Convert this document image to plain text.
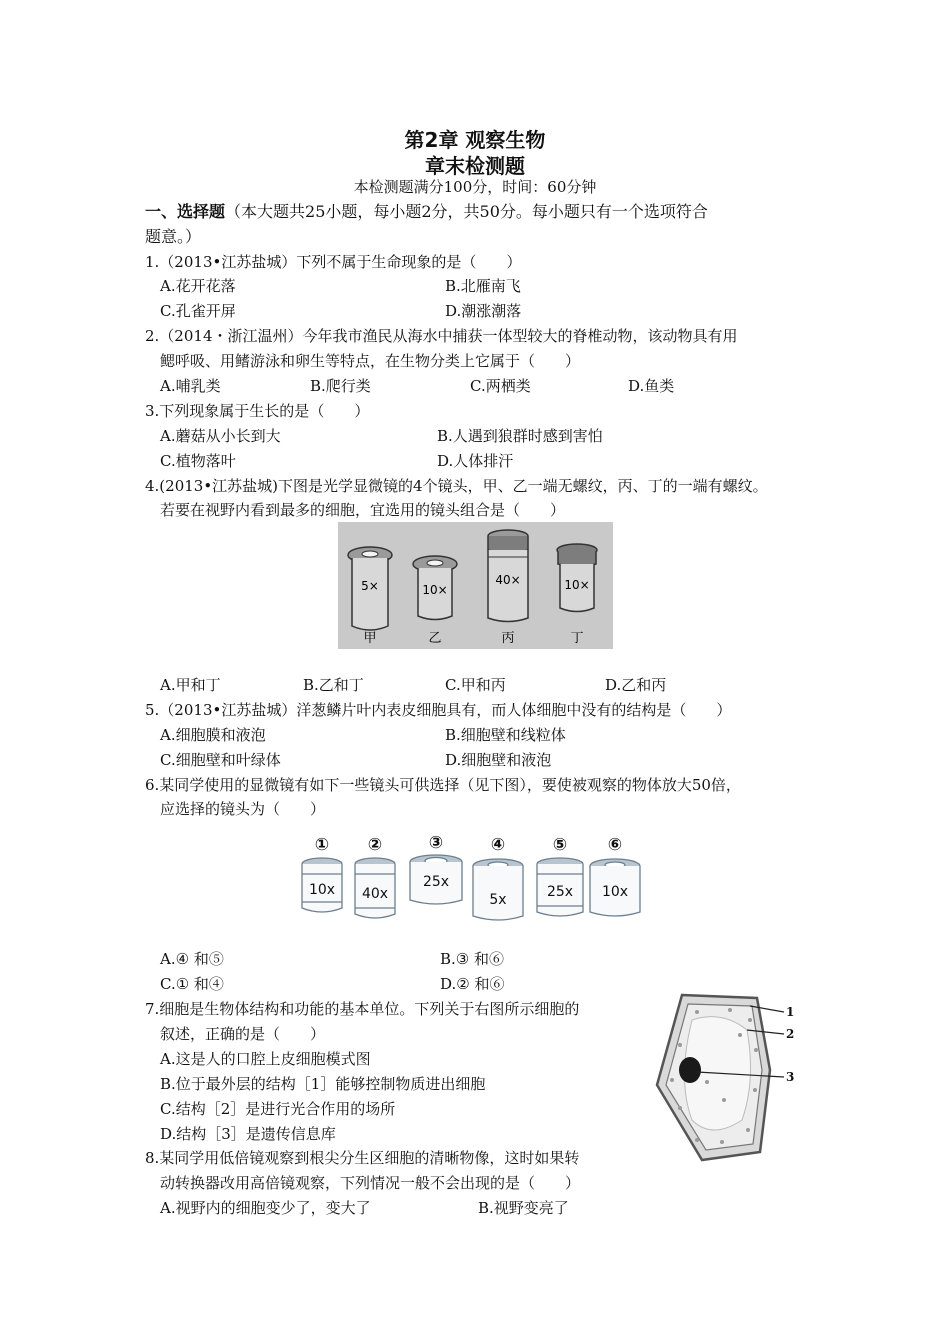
第2章 观察生物
章末检测题
本检测题满分100分，时间：60分钟
一、选择题（本大题共25小题，每小题2分，共50分。每小题只有一个选项符合
题意。）
1.（2013•江苏盐城）下列不属于生命现象的是（　　）
A.花开花落	B.北雁南飞
C.孔雀开屏	D.潮涨潮落
2.（2014・浙江温州）今年我市渔民从海水中捕获一体型较大的脊椎动物，该动物具有用
鳃呼吸、用鳍游泳和卵生等特点，在生物分类上它属于（　　）
A.哺乳类	B.爬行类	C.两栖类	D.鱼类
3.下列现象属于生长的是（　　）
A.蘑菇从小长到大	B.人遇到狼群时感到害怕
C.植物落叶	D.人体排汗
4.(2013•江苏盐城)下图是光学显微镜的4个镜头，甲、乙一端无螺纹，丙、丁的一端有螺纹。
若要在视野内看到最多的细胞，宜选用的镜头组合是（　　）
5×	10×
40×	10×
甲	乙	丙	丁
A.甲和丁	B.乙和丁	C.甲和丙	D.乙和丙
5.（2013•江苏盐城）洋葱鳞片叶内表皮细胞具有，而人体细胞中没有的结构是（　　）
A.细胞膜和液泡	B.细胞壁和线粒体
C.细胞壁和叶绿体	D.细胞壁和液泡
6.某同学使用的显微镜有如下一些镜头可供选择（见下图），要使被观察的物体放大50倍，
应选择的镜头为（　　）
① ②	③	④	⑤ ⑥
10x 40x
25x
5x	25x 10x
A.④ 和⑤	B.③ 和⑥
C.① 和④	D.② 和⑥
7.细胞是生物体结构和功能的基本单位。下列关于右图所示细胞的
叙述，正确的是（　　）
A.这是人的口腔上皮细胞模式图
B.位于最外层的结构［1］能够控制物质进出细胞
C.结构［2］是进行光合作用的场所
D.结构［3］是遗传信息库
1
2
3
8.某同学用低倍镜观察到根尖分生区细胞的清晰物像，这时如果转
动转换器改用高倍镜观察，下列情况一般不会出现的是（　　）
A.视野内的细胞变少了，变大了	B.视野变亮了
